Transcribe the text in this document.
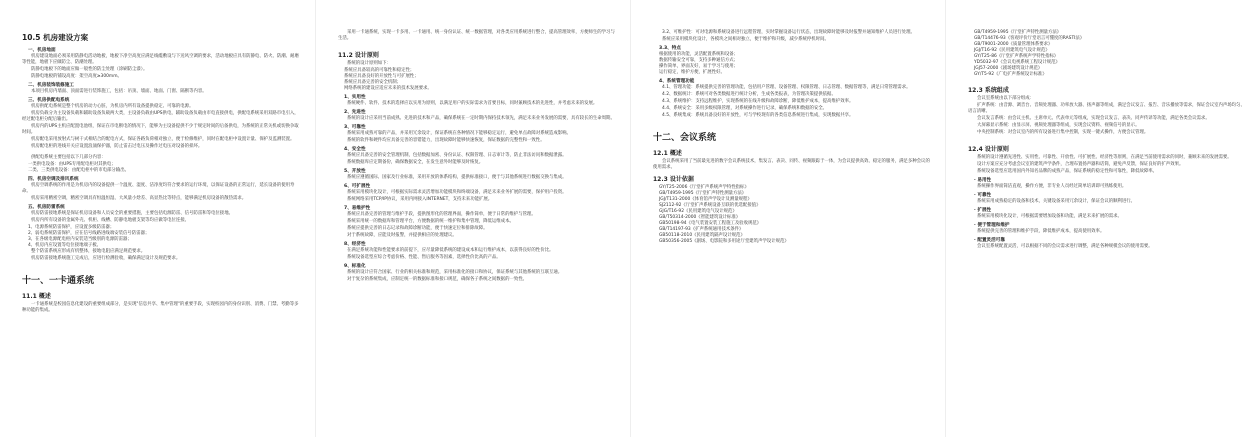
10.5 机房建设方案
一、机房地面

机房建设地面必须采用防静电活动地板，地板下净空高度应满足线缆敷设与下送风空调的要求，活动地板应具有防静电、防火、防潮、耐磨等性能，地板下应做防尘、防潮处理。

防静电地板下的地面应做一般性的防尘处理（涂刷防尘漆）。

防静电地板的铺设高度：架空高度≥300mm。

二、机房装饰装修施工

本项目机房内墙面、顶面需进行装饰施工，包括：吊顶、墙面、地面、门窗、隔断等内容。

三、机房供配电系统

机房供配电系统是整个机房的动力心脏，为机房内所有设备提供稳定、可靠的电源。

机房负载分为主设备负载和辅助设备负载两大类，主设备负载由UPS供电，辅助设备负载由市电直接供电，供配电系统采用双路市电引入，经过配电柜分配后输出。

机房内的UPS主机应配置电池组，保证在市电断电的情况下，能够为主设备提供不少于规定时间的后备供电，为系统的正常关机或切换争取时间。

机房配电采用放射式与树干式相结合的配电方式，保证各路负荷相对独立，便于检修维护，同时在配电柜中设置计量、保护及监测装置。

机房配电柜的进线开关应设置浪涌保护器，防止雷击过电压及操作过电压对设备的损坏。

供配电系统主要包括以下几部分内容：

一类供电设备：由UPS专用配电柜对其供电；
二类、三类供电设备：由配电柜中的市电部分输出。
四、机房空调及排风系统

机房空调系统的作用是为机房内的设备提供一个温度、湿度、洁净度均符合要求的运行环境，以保证设备的正常运行，延长设备的使用寿命。

机房采用精密空调，精密空调具有恒温恒湿、大风量小焓差、高显热比等特点，能够满足机房设备的散热需求。

五、机房防雷系统

机房防雷接地系统是保证机房设备和人员安全的重要措施，主要包括电源防雷、信号防雷和等电位接地。

机房内所有设备的金属外壳、机柜、线槽、防静电地板支架等均应做等电位连接。

1、电源系统防雷保护，应设置多级防雷器；
2、弱电系统防雷保护，应在信号线路进线端安装信号防雷器；
3、在各级电源配电柜内安装适当级别的电源防雷器；
4、机房内应设置等电位接地端子板。

整个防雷系统应形成有机整体，接地电阻应满足规范要求。

机房防雷接地系统施工完成后，应进行检测验收，确保满足设计及规范要求。

十一、一卡通系统
11.1 概述

一卡通系统是校园信息化建设的重要组成部分，是实现"信息共享、集中管理"的重要手段，实现校园内的身份识别、消费、门禁、考勤等多种功能的集成。

采用一卡通系统，实现一卡多用、一卡通用、统一身份认证、统一数据管理，对各类应用系统进行整合，提高管理效率，方便师生的学习与生活。

11.2 设计原则

系统的设计原则如下：

系统应具备较高的可靠性和稳定性；
系统应具备良好的开放性与可扩展性；
系统应具备完善的安全机制；
网络系统的建设应适应未来的技术发展要求。
1、实用性

系统硬件、软件、技术的选择应以实用为原则，以满足用户的实际需求为首要目标，同时兼顾技术的先进性，并考虑未来的发展。

2、先进性

系统的设计应采用当前成熟、先进的技术和产品，确保系统在一定时期内保持技术领先，满足未来业务发展的需要，具有较长的生命周期。

3、可靠性

系统采用成熟可靠的产品，并采用冗余设计，保证系统在各种情况下能够稳定运行，避免单点故障对系统造成影响。

系统的软件和硬件均应具备完善的容错能力，出现故障时能够快速恢复，保证数据的完整性和一致性。

4、安全性

系统应具备完善的安全管理机制，包括数据加密、身份认证、权限管理、日志审计等，防止非法访问和数据泄露。

系统数据库应定期备份，确保数据安全，在发生意外时能够及时恢复。

5、开放性

系统应遵循国际、国家及行业标准，采用开放的体系结构，提供标准接口，便于与其他系统进行数据交换与集成。

6、可扩展性

系统采用模块化设计，可根据实际需求灵活增加功能模块和终端设备，满足未来业务扩展的需要，保护用户投资。

系统网络采用TCP/IP协议，采用内网接入INTERNET，支持未来功能扩展。

7、易维护性

系统应具备完善的管理与维护手段，提供图形化的管理界面，操作简单，便于日常的维护与管理。

系统采用统一的数据库和管理平台，方便数据的统一维护和集中管理，降低运维成本。

系统应提供完善的日志记录和故障诊断功能，便于快速定位和排除故障。

对于系统故障，应能及时报警，并提供相应的处理建议。

8、经济性

在满足系统功能和性能要求的前提下，应尽量降低系统的建设成本和运行维护成本，以获得良好的性价比。

系统设备选型应综合考虑价格、性能、售后服务等因素，选择性价比高的产品。

9、标准化

系统的设计应符合国家、行业的相关标准和规范，采用标准化的接口和协议，保证系统与其他系统的互联互通。

对于复杂的系统集成，应制定统一的数据标准和接口规范，确保各子系统之间数据的一致性。

3.2、可维护性：可对电源和系统设备进行远程管理，实时掌握设备运行状态，出现故障时能够及时报警并通知维护人员进行处理。

系统应采用模块化设计，各模块之间相对独立，便于维护和升级，减少系统停机时间。

3.3、特点
根据使用的功能，灵活配置系统和设备；
数据传输安全可靠，支持多种通信方式；
操作简单，界面友好，易于学习与使用；
运行稳定，维护方便，扩展性好。
4、系统管理功能

4.1、管理功能：系统提供完善的管理功能，包括用户管理、设备管理、权限管理、日志管理、数据管理等，满足日常管理需求。

4.2、数据统计：系统可对各类数据进行统计分析，生成各类报表，为管理决策提供依据。

4.3、系统维护：支持远程维护，实现系统的在线升级和故障诊断，降低维护成本，提高维护效率。

4.4、系统安全：采用多级权限管理，对系统操作进行记录，确保系统和数据的安全。

4.5、系统集成：系统具备良好的开放性，可与学校现有的各类信息系统进行集成，实现数据共享。

十二、会议系统
12.1 概述

会议系统采用了当前最先进的数字会议系统技术，集发言、表决、同传、视频跟踪于一体，为会议提供高效、稳定的服务，满足多种会议的使用需求。

12.3 设计依据
GY/T25-2006《厅堂扩声系统声学特性指标》
GB/T4959-1995《厅堂扩声特性测量方法》
JGJ/T131-2000《体育馆声学设计及测量规程》
SJ2112-92《厅堂扩声系统设备互联的优选配接值》
GJG/T16-92《民用建筑电气设计规范》
GB/T50314-2000《智能建筑设计标准》
GB50198-94《电气装置安装工程施工及验收规范》
GB/T14197-93《扩声系统通用技术条件》
GB50118-2010《民用建筑隔声设计规范》
GB50356-2005《剧场、电影院和多用途厅堂建筑声学设计规范》
GB/T4959-1995《厅堂扩声特性测量方法》
GB/T14476-93《客观评价厅堂语言可懂度的RASTI法》
GB/T9001-2000《质量管理体系要求》
JGJ/T16-92《民用建筑电气设计规范》
GY/T25-86《厅堂扩声系统声学特性指标》
YD5032-97《会议电视系统工程设计规范》
JGJ57-2000《剧场建筑设计规范》
GY/T5-92《广电扩声系统设计标准》
12.3 系统组成

会议室系统由以下部分组成：

扩声系统：由音源、调音台、音频处理器、功率放大器、扬声器等组成，满足会议发言、报告、音乐播放等需求，保证会议室内声场均匀、语言清晰。

会议发言系统：由会议主机、主席单元、代表单元等组成，实现会议发言、表决、同声传译等功能，满足各类会议需求。

大屏幕显示系统：由显示屏、视频处理器等组成，实现会议资料、视频信号的显示。

中央控制系统：对会议室内的所有设备进行集中控制，实现一键式操作，方便会议管理。

12.4 设计原则

系统的设计遵循先进性、实用性、可靠性、开放性、可扩展性、经济性等原则，在满足当前使用需求的同时，兼顾未来的发展需要。

设计方案应充分考虑会议室的建筑声学条件，合理布置扬声器和话筒，避免声反馈，保证良好的扩声效果。

系统设备选型应选用国内外知名品牌的成熟产品，保证系统的稳定性和可靠性，降低故障率。

· 易用性

系统操作界面简洁直观，操作方便，非专业人员经过简单培训即可熟练使用。

· 可靠性

系统采用成熟稳定的设备和技术，关键设备采用冗余设计，保证会议的顺利进行。

· 扩展性

系统采用模块化设计，可根据需要增加设备和功能，满足未来扩展的需求。

· 便于管理和维护

系统提供完善的管理和维护手段，降低维护成本，提高使用效率。

· 配置灵活可靠

会议室系统配置灵活，可以根据不同的会议需求进行调整，满足各种规模会议的使用需要。
